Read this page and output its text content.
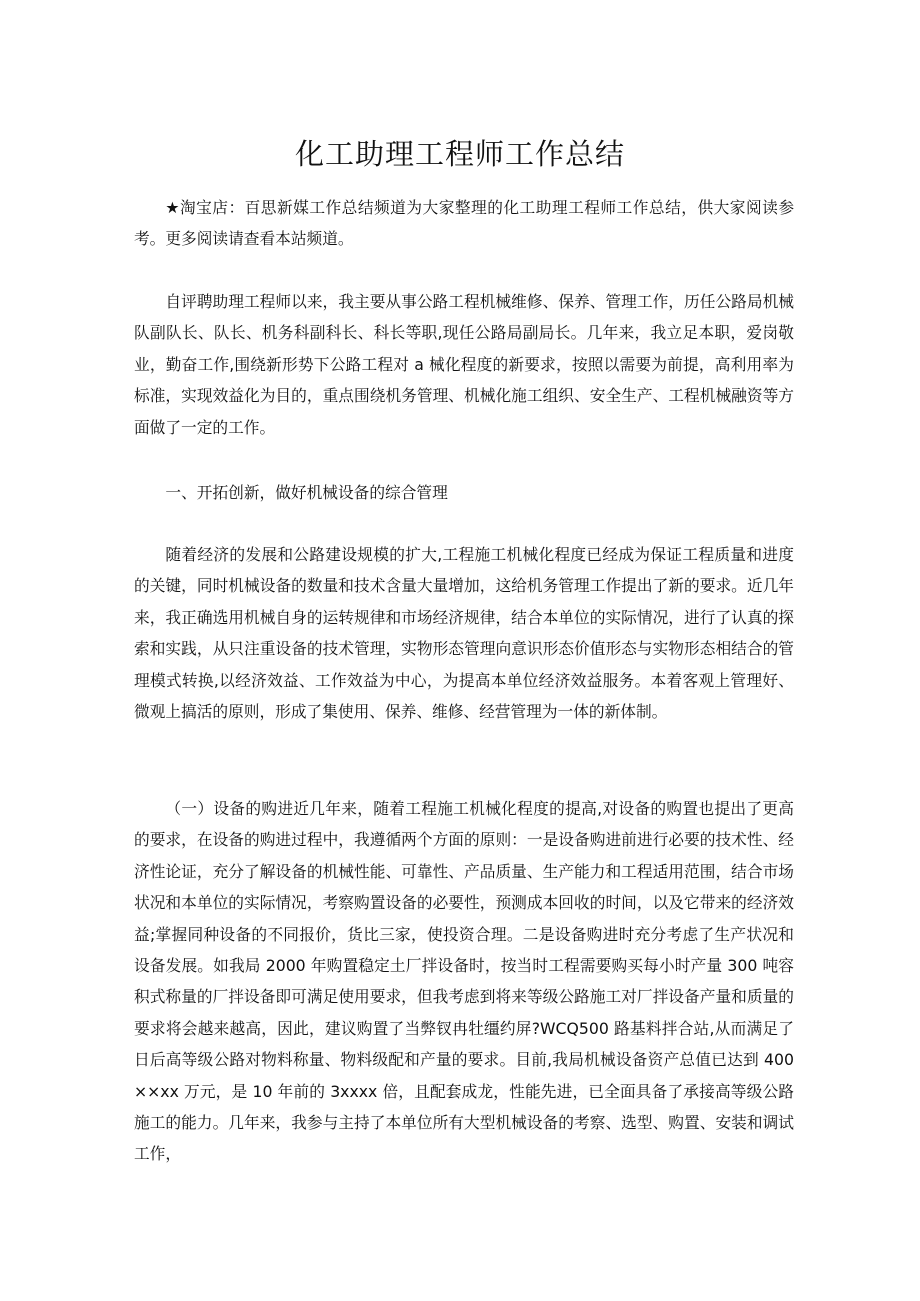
化工助理工程师工作总结

★淘宝店：百思新媒工作总结频道为大家整理的化工助理工程师工作总结，供大家阅读参考。更多阅读请查看本站频道。

自评聘助理工程师以来，我主要从事公路工程机械维修、保养、管理工作，历任公路局机械队副队长、队长、机务科副科长、科长等职,现任公路局副局长。几年来，我立足本职，爱岗敬业，勤奋工作,围绕新形势下公路工程对 a 械化程度的新要求，按照以需要为前提，高利用率为标准，实现效益化为目的，重点围绕机务管理、机械化施工组织、安全生产、工程机械融资等方面做了一定的工作。

一、开拓创新，做好机械设备的综合管理

随着经济的发展和公路建设规模的扩大,工程施工机械化程度已经成为保证工程质量和进度的关键，同时机械设备的数量和技术含量大量增加，这给机务管理工作提出了新的要求。近几年来，我正确选用机械自身的运转规律和市场经济规律，结合本单位的实际情况，进行了认真的探索和实践，从只注重设备的技术管理，实物形态管理向意识形态价值形态与实物形态相结合的管理模式转换,以经济效益、工作效益为中心，为提高本单位经济效益服务。本着客观上管理好、微观上搞活的原则，形成了集使用、保养、维修、经营管理为一体的新体制。

（一）设备的购进近几年来，随着工程施工机械化程度的提高,对设备的购置也提出了更高的要求，在设备的购进过程中，我遵循两个方面的原则：一是设备购进前进行必要的技术性、经济性论证，充分了解设备的机械性能、可靠性、产品质量、生产能力和工程适用范围，结合市场状况和本单位的实际情况，考察购置设备的必要性，预测成本回收的时间，以及它带来的经济效益;掌握同种设备的不同报价，货比三家，使投资合理。二是设备购进时充分考虑了生产状况和设备发展。如我局 2000 年购置稳定土厂拌设备时，按当时工程需要购买每小时产量 300 吨容积式称量的厂拌设备即可满足使用要求，但我考虑到将来等级公路施工对厂拌设备产量和质量的要求将会越来越高，因此，建议购置了当弊钗冉牡缰约屏?WCQ500 路基料拌合站,从而满足了日后高等级公路对物料称量、物料级配和产量的要求。目前,我局机械设备资产总值已达到 400××xx 万元，是 10 年前的 3xxxx 倍，且配套成龙，性能先进，已全面具备了承接高等级公路施工的能力。几年来，我参与主持了本单位所有大型机械设备的考察、选型、购置、安装和调试工作，
